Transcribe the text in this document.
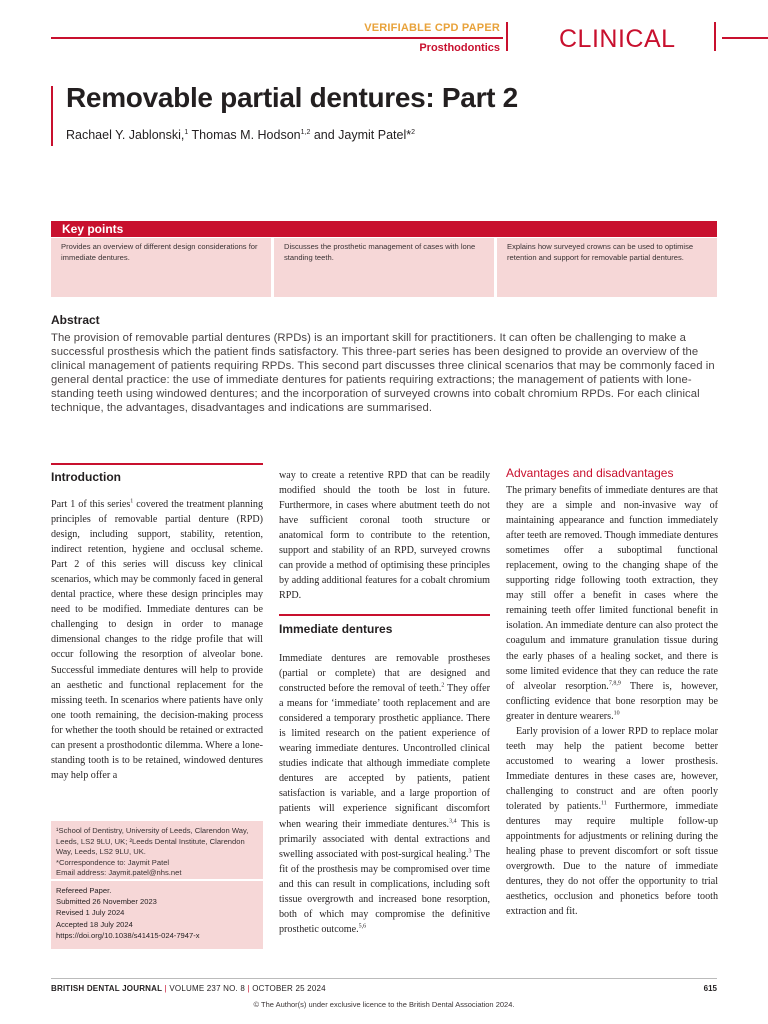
VERIFIABLE CPD PAPER
Prosthodontics CLINICAL
Removable partial dentures: Part 2
Rachael Y. Jablonski,$^1$ Thomas M. Hodson$^{1,2}$ and Jaymit Patel*$^2$
Key points
Provides an overview of different design considerations for immediate dentures.
Discusses the prosthetic management of cases with lone standing teeth.
Explains how surveyed crowns can be used to optimise retention and support for removable partial dentures.
Abstract
The provision of removable partial dentures (RPDs) is an important skill for practitioners. It can often be challenging to make a successful prosthesis which the patient finds satisfactory. This three-part series has been designed to provide an overview of the clinical management of patients requiring RPDs. This second part discusses three clinical scenarios that may be commonly faced in general dental practice: the use of immediate dentures for patients requiring extractions; the management of patients with lone-standing teeth using windowed dentures; and the incorporation of surveyed crowns into cobalt chromium RPDs. For each clinical technique, the advantages, disadvantages and indications are summarised.
Introduction

Part 1 of this series$^1$ covered the treatment planning principles of removable partial denture (RPD) design, including support, stability, retention, indirect retention, hygiene and occlusal scheme. Part 2 of this series will discuss key clinical scenarios, which may be commonly faced in general dental practice, where these design principles may need to be modified. Immediate dentures can be challenging to design in order to manage dimensional changes to the ridge profile that will occur following the resorption of alveolar bone. Successful immediate dentures will help to provide an aesthetic and functional replacement for the missing teeth. In scenarios where patients have only one tooth remaining, the decision-making process for whether the tooth should be retained or extracted can present a prosthodontic dilemma. Where a lone-standing tooth is to be retained, windowed dentures may help offer a

¹School of Dentistry, University of Leeds, Clarendon Way, Leeds, LS2 9LU, UK; ²Leeds Dental Institute, Clarendon Way, Leeds, LS2 9LU, UK.
*Correspondence to: Jaymit Patel
Email address: Jaymit.patel@nhs.net
Refereed Paper.
Submitted 26 November 2023
Revised 1 July 2024
Accepted 18 July 2024
https://doi.org/10.1038/s41415-024-7947-x

way to create a retentive RPD that can be readily modified should the tooth be lost in future. Furthermore, in cases where abutment teeth do not have sufficient coronal tooth structure or anatomical form to contribute to the retention, support and stability of an RPD, surveyed crowns can provide a method of optimising these principles by adding additional features for a cobalt chromium RPD.

Immediate dentures

Immediate dentures are removable prostheses (partial or complete) that are designed and constructed before the removal of teeth.$^2$ They offer a means for ‘immediate’ tooth replacement and are considered a temporary prosthetic appliance. There is limited research on the patient experience of wearing immediate dentures. Uncontrolled clinical studies indicate that although immediate complete dentures are accepted by patients, patient satisfaction is variable, and a large proportion of patients will experience significant discomfort when wearing their immediate dentures.$^{3,4}$ This is primarily associated with dental extractions and swelling associated with post-surgical healing.$^3$ The fit of the prosthesis may be compromised over time and this can result in complications, including soft tissue overgrowth and increased bone resorption, both of which may compromise the definitive prosthetic outcome.$^{5,6}$

Advantages and disadvantages

The primary benefits of immediate dentures are that they are a simple and non-invasive way of maintaining appearance and function immediately after teeth are removed. Though immediate dentures sometimes offer a suboptimal functional replacement, owing to the changing shape of the supporting ridge following tooth extraction, they may still offer a benefit in cases where the remaining teeth offer limited functional benefit in isolation. An immediate denture can also protect the coagulum and immature granulation tissue during the early phases of a healing socket, and there is some limited evidence that they can reduce the rate of alveolar resorption.$^{7,8,9}$ There is, however, conflicting evidence that bone resorption may be greater in denture wearers.$^{10}$

Early provision of a lower RPD to replace molar teeth may help the patient become better accustomed to wearing a lower prosthesis. Immediate dentures in these cases are, however, challenging to construct and are often poorly tolerated by patients.$^{11}$ Furthermore, immediate dentures may require multiple follow-up appointments for adjustments or relining during the healing phase to prevent discomfort or soft tissue overgrowth. Due to the nature of immediate dentures, they do not offer the opportunity to trial aesthetics, occlusion and phonetics before tooth extraction and fit.

BRITISH DENTAL JOURNAL | VOLUME 237 NO. 8 | OCTOBER 25 2024	615
© The Author(s) under exclusive licence to the British Dental Association 2024.
